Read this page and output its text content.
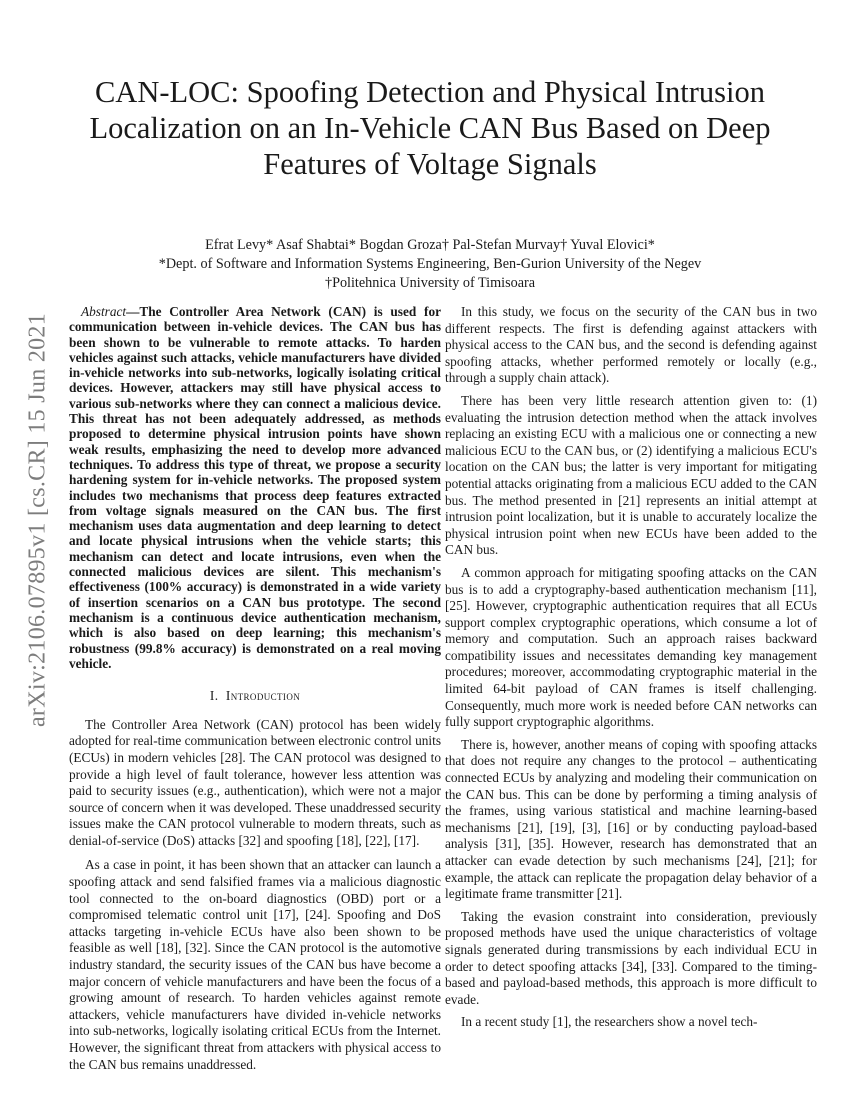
arXiv:2106.07895v1 [cs.CR] 15 Jun 2021
CAN-LOC: Spoofing Detection and Physical Intrusion Localization on an In-Vehicle CAN Bus Based on Deep Features of Voltage Signals
Efrat Levy* Asaf Shabtai* Bogdan Groza† Pal-Stefan Murvay† Yuval Elovici*
*Dept. of Software and Information Systems Engineering, Ben-Gurion University of the Negev
†Politehnica University of Timisoara

Abstract—The Controller Area Network (CAN) is used for communication between in-vehicle devices. The CAN bus has been shown to be vulnerable to remote attacks. To harden vehicles against such attacks, vehicle manufacturers have divided in-vehicle networks into sub-networks, logically isolating critical devices. However, attackers may still have physical access to various sub-networks where they can connect a malicious device. This threat has not been adequately addressed, as methods proposed to determine physical intrusion points have shown weak results, emphasizing the need to develop more advanced techniques. To address this type of threat, we propose a security hardening system for in-vehicle networks. The proposed system includes two mechanisms that process deep features extracted from voltage signals measured on the CAN bus. The first mechanism uses data augmentation and deep learning to detect and locate physical intrusions when the vehicle starts; this mechanism can detect and locate intrusions, even when the connected malicious devices are silent. This mechanism's effectiveness (100% accuracy) is demonstrated in a wide variety of insertion scenarios on a CAN bus prototype. The second mechanism is a continuous device authentication mechanism, which is also based on deep learning; this mechanism's robustness (99.8% accuracy) is demonstrated on a real moving vehicle.

I. Introduction

The Controller Area Network (CAN) protocol has been widely adopted for real-time communication between electronic control units (ECUs) in modern vehicles [28]. The CAN protocol was designed to provide a high level of fault tolerance, however less attention was paid to security issues (e.g., authentication), which were not a major source of concern when it was developed. These unaddressed security issues make the CAN protocol vulnerable to modern threats, such as denial-of-service (DoS) attacks [32] and spoofing [18], [22], [17].

As a case in point, it has been shown that an attacker can launch a spoofing attack and send falsified frames via a malicious diagnostic tool connected to the on-board diagnostics (OBD) port or a compromised telematic control unit [17], [24]. Spoofing and DoS attacks targeting in-vehicle ECUs have also been shown to be feasible as well [18], [32]. Since the CAN protocol is the automotive industry standard, the security issues of the CAN bus have become a major concern of vehicle manufacturers and have been the focus of a growing amount of research. To harden vehicles against remote attackers, vehicle manufacturers have divided in-vehicle networks into sub-networks, logically isolating critical ECUs from the Internet. However, the significant threat from attackers with physical access to the CAN bus remains unaddressed.

In this study, we focus on the security of the CAN bus in two different respects. The first is defending against attackers with physical access to the CAN bus, and the second is defending against spoofing attacks, whether performed remotely or locally (e.g., through a supply chain attack).

There has been very little research attention given to: (1) evaluating the intrusion detection method when the attack involves replacing an existing ECU with a malicious one or connecting a new malicious ECU to the CAN bus, or (2) identifying a malicious ECU's location on the CAN bus; the latter is very important for mitigating potential attacks originating from a malicious ECU added to the CAN bus. The method presented in [21] represents an initial attempt at intrusion point localization, but it is unable to accurately localize the physical intrusion point when new ECUs have been added to the CAN bus.

A common approach for mitigating spoofing attacks on the CAN bus is to add a cryptography-based authentication mechanism [11], [25]. However, cryptographic authentication requires that all ECUs support complex cryptographic operations, which consume a lot of memory and computation. Such an approach raises backward compatibility issues and necessitates demanding key management procedures; moreover, accommodating cryptographic material in the limited 64-bit payload of CAN frames is itself challenging. Consequently, much more work is needed before CAN networks can fully support cryptographic algorithms.

There is, however, another means of coping with spoofing attacks that does not require any changes to the protocol – authenticating connected ECUs by analyzing and modeling their communication on the CAN bus. This can be done by performing a timing analysis of the frames, using various statistical and machine learning-based mechanisms [21], [19], [3], [16] or by conducting payload-based analysis [31], [35]. However, research has demonstrated that an attacker can evade detection by such mechanisms [24], [21]; for example, the attack can replicate the propagation delay behavior of a legitimate frame transmitter [21].

Taking the evasion constraint into consideration, previously proposed methods have used the unique characteristics of voltage signals generated during transmissions by each individual ECU in order to detect spoofing attacks [34], [33]. Compared to the timing-based and payload-based methods, this approach is more difficult to evade.

In a recent study [1], the researchers show a novel tech-
